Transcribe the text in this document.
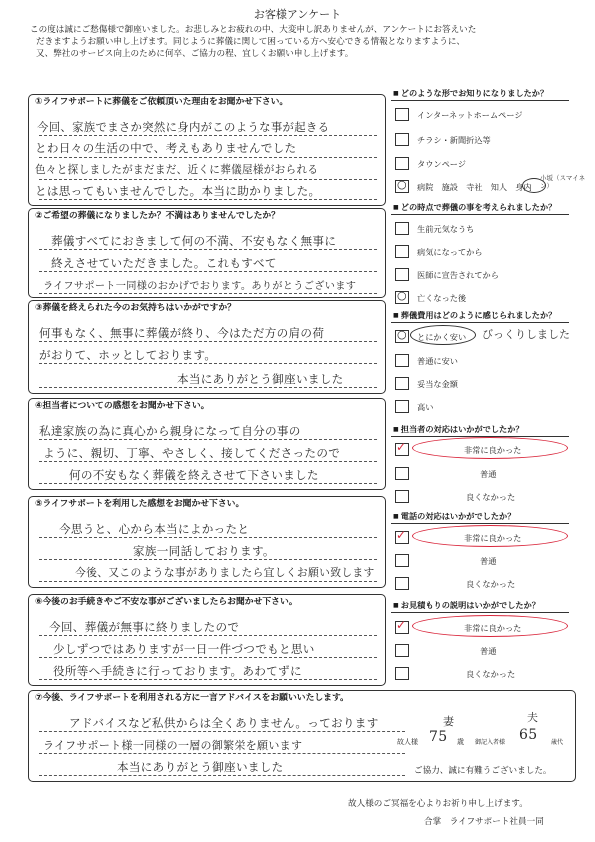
お客様アンケート
この度は誠にご愁傷様で御座いました。お悲しみとお疲れの中、大変申し訳ありませんが、アンケートにお答えいた
だきますようお願い申し上げます。同じように葬儀に関して困っている方へ安心できる情報となりますように、
又、弊社のサービス向上のために何卒、ご協力の程、宜しくお願い申し上げます。
①ライフサポートに葬儀をご依頼頂いた理由をお聞かせ下さい。
今回、家族でまさか突然に身内がこのような事が起きる
とわ日々の生活の中で、考えもありませんでした
色々と探しましたがまだまだ、近くに葬儀屋様がおられる
とは思ってもいませんでした。本当に助かりました。
②ご希望の葬儀になりましたか？不満はありませんでしたか？
葬儀すべてにおきまして何の不満、不安もなく無事に
終えさせていただきました。これもすべて
ライフサポート一同様のおかげでおります。ありがとうございます
③葬儀を終えられた今のお気持ちはいかがですか？
何事もなく、無事に葬儀が終り、今はただ方の肩の荷
がおりて、ホッとしております。
本当にありがとう御座いました
④担当者についての感想をお聞かせ下さい。
私達家族の為に真心から親身になって自分の事の
ように、親切、丁寧、やさしく、接してくださったので
何の不安もなく葬儀を終えさせて下さいました
⑤ライフサポートを利用した感想をお聞かせ下さい。
今思うと、心から本当によかったと
家族一同話しております。
今後、又このような事がありましたら宜しくお願い致します
⑥今後のお手続きやご不安な事がございましたらお聞かせ下さい。
今回、葬儀が無事に終りましたので
少しずつではありますが一日一件づつでもと思い
役所等へ手続きに行っております。あわてずに
⑦今後、ライフサポートを利用される方に一言アドバイスをお願いいたします。
アドバイスなど私供からは全くありません。っております
ライフサポート様一同様の一層の御繁栄を願います
本当にありがとう御座いました
妻	夫
故人様 75 歳 御記入者様 65 歳代
■ どのような形でお知りになりましたか？
インターネットホームページ
チラシ・新聞折込等
タウンページ
○ 病院　施設　寺社　知人　身内
小坂（スマイネン）
■ どの時点で葬儀の事を考えられましたか？
生前元気なうち
病気になってから
医師に宣告されてから
○ 亡くなった後
■ 葬儀費用はどのように感じられましたか？
○ とにかく安い びっくりしました
普通に安い
妥当な金額
高い
■ 担当者の対応はいかがでしたか？
✓	非常に良かった
普通
良くなかった
■ 電話の対応はいかがでしたか？
✓	非常に良かった
普通
良くなかった
■ お見積もりの説明はいかがでしたか？
✓	非常に良かった
普通
良くなかった
ご協力、誠に有難うございました。
故人様のご冥福を心よりお祈り申し上げます。
合掌　ライフサポート社員一同
